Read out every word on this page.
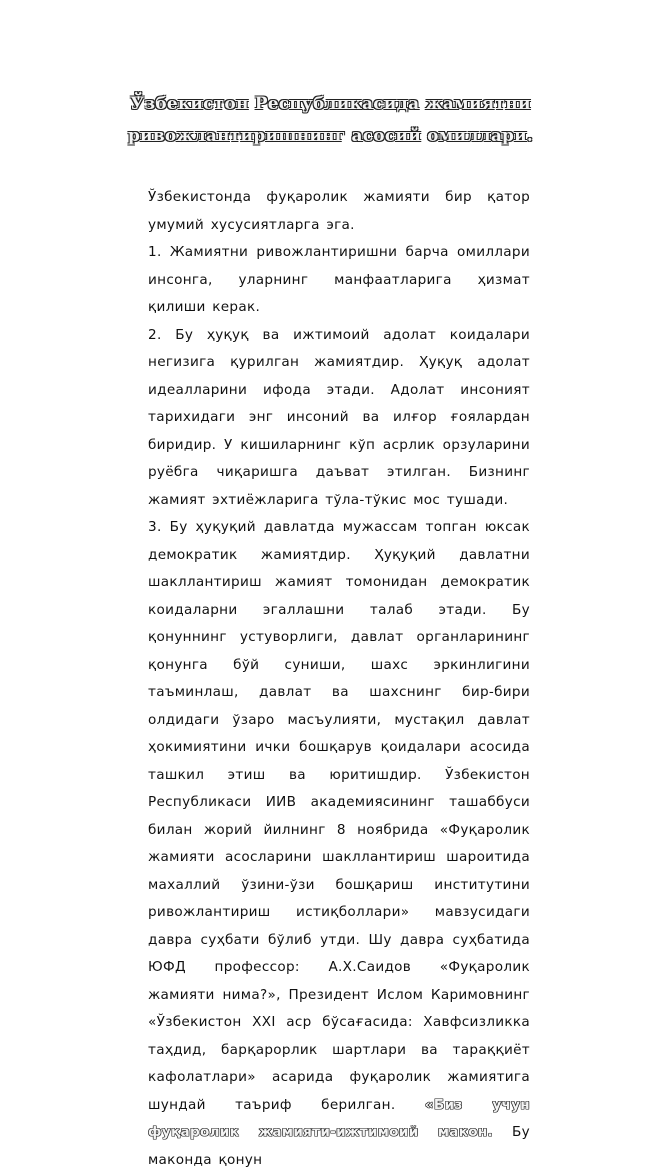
Ўзбекистон Республикасида жамиятни
ривожлантиришнинг асосий омиллари.

Ўзбекистонда фуқаролик жамияти бир қатор умумий хусусиятларга эга.

1. Жамиятни ривожлантиришни барча омиллари инсонга, уларнинг манфаатларига ҳизмат қилиши керак.

2. Бу ҳуқуқ ва ижтимоий адолат коидалари негизига қурилган жамиятдир. Ҳуқуқ адолат идеалларини ифода этади. Адолат инсоният тарихидаги энг инсоний ва илғор ғоялардан биридир. У кишиларнинг кўп асрлик орзуларини руёбга чиқаришга даъват этилган. Бизнинг жамият эхтиёжларига тўла-тўкис мос тушади.

3. Бу ҳуқуқий давлатда мужассам топган юксак демократик жамиятдир. Ҳуқуқий давлатни шакллантириш жамият томонидан демократик коидаларни эгаллашни талаб этади. Бу қонуннинг устуворлиги, давлат органларининг қонунга бўй суниши, шахс эркинлигини таъминлаш, давлат ва шахснинг бир-бири олдидаги ўзаро масъулияти, мустақил давлат ҳокимиятини ички бошқарув қоидалари асосида ташкил этиш ва юритишдир. Ўзбекистон Республикаси ИИВ академиясининг ташаббуси билан жорий йилнинг 8 ноябрида «Фуқаролик жамияти асосларини шакллантириш шароитида махаллий ўзини-ўзи бошқариш институтини ривожлантириш истиқболлари» мавзусидаги давра суҳбати бўлиб утди. Шу давра суҳбатида ЮФД профессор: А.Х.Саидов «Фуқаролик жамияти нима?», Президент Ислом Каримовнинг «Ўзбекистон XXI аср бўсағасида: Хавфсизликка таҳдид, барқарорлик шартлари ва тараққиёт кафолатлари» асарида фуқаролик жамиятига шундай таъриф берилган. «Биз учун фуқаролик жамияти-ижтимоий макон. Бу маконда қонун
